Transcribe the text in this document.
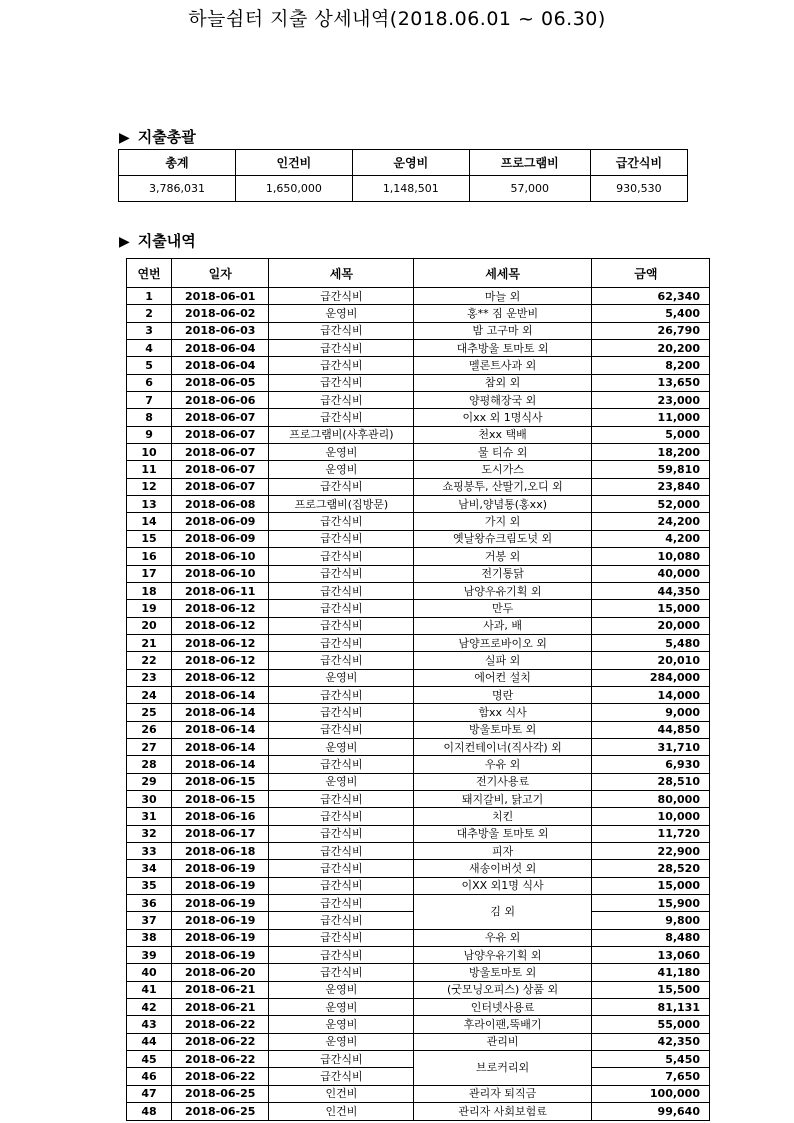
하늘쉼터 지출 상세내역(2018.06.01 ~ 06.30)
▶ 지출총괄
총계	인건비	운영비	프로그램비	급간식비
3,786,031	1,650,000	1,148,501	57,000	930,530
▶ 지출내역
연번	일자	세목	세세목	금액
1	2018-06-01	급간식비	마늘 외	62,340
2	2018-06-02	운영비	홍** 짐 운반비	5,400
3	2018-06-03	급간식비	밤 고구마 외	26,790
4	2018-06-04	급간식비	대추방울 토마토 외	20,200
5	2018-06-04	급간식비	멜론트사과 외	8,200
6	2018-06-05	급간식비	참외 외	13,650
7	2018-06-06	급간식비	양평해장국 외	23,000
8	2018-06-07	급간식비	이xx 외 1명식사	11,000
9	2018-06-07	프로그램비(사후관리)	천xx 택배	5,000
10	2018-06-07	운영비	물 티슈 외	18,200
11	2018-06-07	운영비	도시가스	59,810
12	2018-06-07	급간식비	쇼핑봉투, 산딸기,오디 외	23,840
13	2018-06-08	프로그램비(집방문)	남비,양념통(홍xx)	52,000
14	2018-06-09	급간식비	가지 외	24,200
15	2018-06-09	급간식비	옛날왕슈크림도넛 외	4,200
16	2018-06-10	급간식비	거봉 외	10,080
17	2018-06-10	급간식비	전기통닭	40,000
18	2018-06-11	급간식비	남양우유기획 외	44,350
19	2018-06-12	급간식비	만두	15,000
20	2018-06-12	급간식비	사과, 배	20,000
21	2018-06-12	급간식비	남양프로바이오 외	5,480
22	2018-06-12	급간식비	실파 외	20,010
23	2018-06-12	운영비	에어컨 설치	284,000
24	2018-06-14	급간식비	명란	14,000
25	2018-06-14	급간식비	함xx 식사	9,000
26	2018-06-14	급간식비	방울토마토 외	44,850
27	2018-06-14	운영비	이지컨테이너(직사각) 외	31,710
28	2018-06-14	급간식비	우유 외	6,930
29	2018-06-15	운영비	전기사용료	28,510
30	2018-06-15	급간식비	돼지갈비, 닭고기	80,000
31	2018-06-16	급간식비	치킨	10,000
32	2018-06-17	급간식비	대추방울 토마토 외	11,720
33	2018-06-18	급간식비	피자	22,900
34	2018-06-19	급간식비	새송이버섯 외	28,520
35	2018-06-19	급간식비	이XX 외1명 식사	15,000
36	2018-06-19	급간식비	김 외	15,900
37	2018-06-19	급간식비		9,800
38	2018-06-19	급간식비	우유 외	8,480
39	2018-06-19	급간식비	남양우유기획 외	13,060
40	2018-06-20	급간식비	방울토마토 외	41,180
41	2018-06-21	운영비	(굿모닝오피스) 상품 외	15,500
42	2018-06-21	운영비	인터넷사용료	81,131
43	2018-06-22	운영비	후라이팬,뚝배기	55,000
44	2018-06-22	운영비	관리비	42,350
45	2018-06-22	급간식비	브로커리외	5,450
46	2018-06-22	급간식비		7,650
47	2018-06-25	인건비	관리자 퇴직금	100,000
48	2018-06-25	인건비	관리자 사회보험료	99,640
